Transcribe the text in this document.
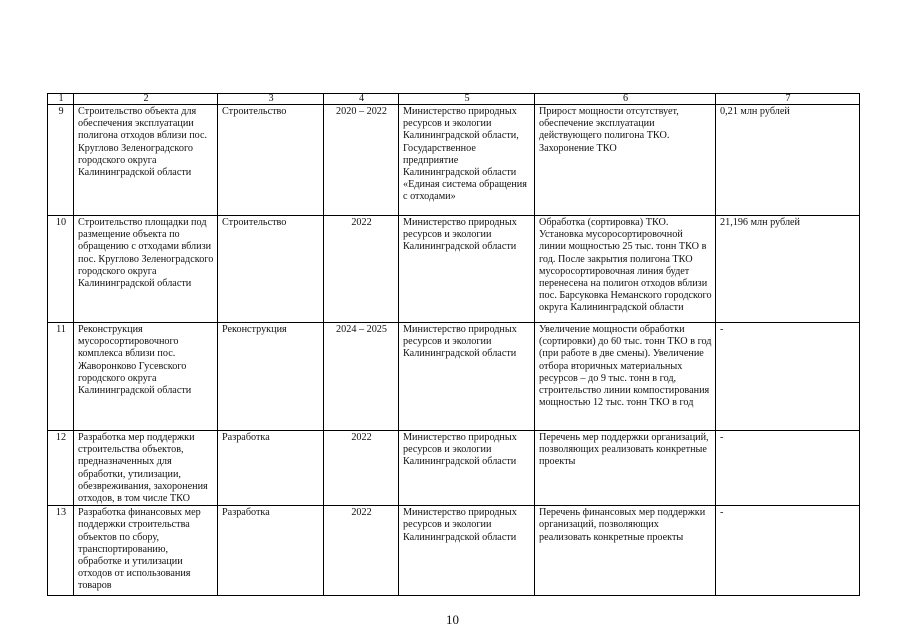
1	2	3	4	5	6	7
9	Строительство объекта для обеспечения эксплуатации полигона отходов вблизи пос. Кругловo Зеленоградского городского округа Калининградской области	Строительство	2020 – 2022	Министерство природных ресурсов и экологии Калининградской области, Государственное предприятие Калининградской области «Единая система обращения с отходами»	Прирост мощности отсутствует, обеспечение эксплуатации действующего полигона ТКО. Захоронение ТКО	0,21 млн рублей
10	Строительство площадки под размещение объекта по обращению с отходами вблизи пос. Круглово Зеленоградского городского округа Калининградской области	Строительство	2022	Министерство природных ресурсов и экологии Калининградской области	Обработка (сортировка) ТКО. Установка мусоросортировочной линии мощностью 25 тыс. тонн ТКО в год. После закрытия полигона ТКО мусоросортировочная линия будет перенесена на полигон отходов вблизи пос. Барсуковка Неманского городского округа Калининградской области	21,196 млн рублей
11	Реконструкция мусоросортировочного комплекса вблизи пос. Жаворонково Гусевского городского округа Калининградской области	Реконструкция	2024 – 2025	Министерство природных ресурсов и экологии Калининградской области	Увеличение мощности обработки (сортировки) до 60 тыс. тонн ТКО в год (при работе в две смены). Увеличение отбора вторичных материальных ресурсов – до 9 тыс. тонн в год, строительство линии компостирования мощностью 12 тыс. тонн ТКО в год	-
12	Разработка мер поддержки строительства объектов, предназначенных для обработки, утилизации, обезвреживания, захоронения отходов, в том числе ТКО	Разработка	2022	Министерство природных ресурсов и экологии Калининградской области	Перечень мер поддержки организаций, позволяющих реализовать конкретные проекты	-
13	Разработка финансовых мер поддержки строительства объектов по сбору, транспортированию, обработке и утилизации отходов от использования товаров	Разработка	2022	Министерство природных ресурсов и экологии Калининградской области	Перечень финансовых мер поддержки организаций, позволяющих реализовать конкретные проекты	-
10
